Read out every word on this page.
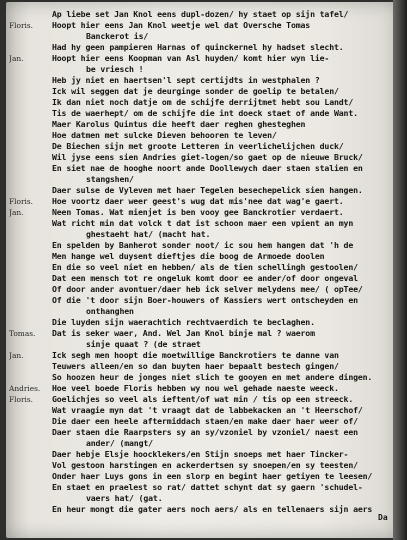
Ap liebe set Jan Knol eens dupl-dozen/ hy staet op sijn tafel/
Floris.	Hoopt hier eens Jan Knol weetje wel dat Oversche Tomas
Banckerot is/
Had hy geen pampieren Harnas of quinckernel hy hadset slecht.
Jan.	Hoopt hier eens Koopman van Asl huyden/ komt hier wyn lie-
be vriesch !
Heb jy niet en haertsen'l sept certijdts in westphalen ?
Ick wil seggen dat je deurginge sonder de goelip te betalen/
Ik dan niet noch datje om de schijfe derrijtmet hebt sou Landt/
Tis de waerhept/ om de schijfe die int doeck staet of ande Want.
Maer Karolus Quintus die heeft daer reghen ghesteghen
Hoe datmen met sulcke Dieven behooren te leven/
De Biechen sijn met groote Letteren in veerlichelijchen duck/
Wil jyse eens sien Andries giet-logen/so gaet op de nieuwe Bruck/
En siet nae de hooghe noort ande Doollewych daer staen stalien en
stangshen/
Daer sulse de Vyleven met haer Tegelen besechepelick sien hangen.
Floris.	Hoe voortz daer weer geest's wug dat mis'nee dat wag'e gaert.
Jan.	Neen Tomas. Wat mienjet is ben vooy gee Banckrotier verdaert.
Wat richt min dat volck t dat ist schoon maer een vpient an myn
ghestaeht hat/ (macht hat.
En spelden by Banherot sonder noot/ ic sou hem hangen dat 'h de
Men hange wel duysent dieftjes die boog de Armoede doolen
En die so veel niet en hebben/ als de tien schellingh gestoolen/
Dat een mensch tot re ongeluk komt door ee ander/of door ongeval
Of door ander avontuer/daer heb ick selver melydens mee/ ( opTee/
Of die 't door sijn Boer-houwers of Kassiers wert ontscheyden en
onthanghen
Die luyden sijn waerachtich rechtvaerdich te beclaghen.
Tomas.	Dat is seker waer, And. Wel Jan Knol binje mal ? waerom
sinje quaat ? (de straet
Jan.	Ick segh men hoopt die moetwillige Banckrotiers te danne van
Teuwers alleen/en so dan buyten haer bepaalt bestech gingen/
So hoozen heur de jonges niet slich te gooyen en met andere dingen.
Andries.	Hoe veel boede Floris hebben wy nou wel gehade naeste weeck.
Floris.	Goelichjes so veel als ieftent/of wat min / tis op een streeck.
Wat vraagie myn dat 't vraagt dat de labbekacken an 't Heerschof/
Die daer een heele aftermiddach staen/en make daer haer weer of/
Daer staen die Raarpsters sy an sy/vzoniel by vzoniel/ naest een
ander/ (mangt/
Daer hebje Elsje hoocklekers/en Stijn snoeps met haer Tincker-
Vol gestoon harstingen en ackerdertsen sy snoepen/en sy teesten/
Onder haer Luys gons in een slorp en begint haer getiyen te leesen/
En staet en praelest so rat/ dattet schynt dat sy gaern 'schudel-
vaers hat/ (gat.
En heur mongt die gater aers noch aers/ als en tellenaers sijn aers
Da
